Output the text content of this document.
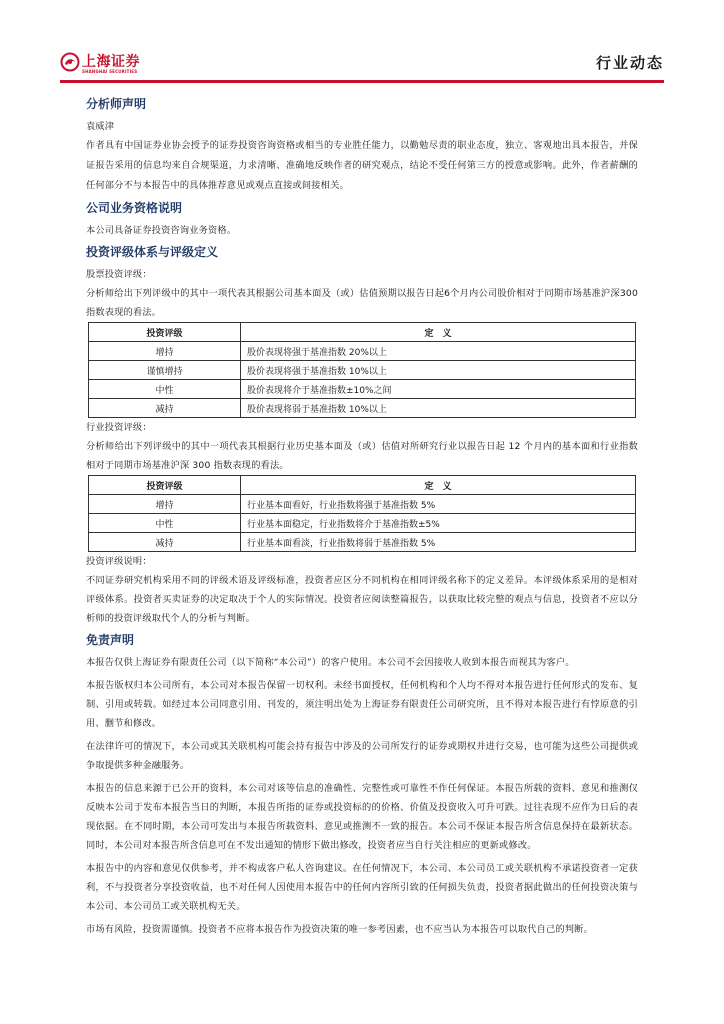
上海证券
SHANGHAI SECURITIES	行业动态
分析师声明
袁威津
作者具有中国证券业协会授予的证券投资咨询资格或相当的专业胜任能力，以勤勉尽责的职业态度，独立、客观地出具本报告，并保证报告采用的信息均来自合规渠道，力求清晰、准确地反映作者的研究观点，结论不受任何第三方的授意或影响。此外，作者薪酬的任何部分不与本报告中的具体推荐意见或观点直接或间接相关。
公司业务资格说明
本公司具备证券投资咨询业务资格。
投资评级体系与评级定义
股票投资评级：
分析师给出下列评级中的其中一项代表其根据公司基本面及（或）估值预期以报告日起6个月内公司股价相对于同期市场基准沪深300指数表现的看法。
投资评级	定　义
增持	股价表现将强于基准指数 20%以上
谨慎增持	股价表现将强于基准指数 10%以上
中性	股价表现将介于基准指数±10%之间
减持	股价表现将弱于基准指数 10%以上
行业投资评级：
分析师给出下列评级中的其中一项代表其根据行业历史基本面及（或）估值对所研究行业以报告日起 12 个月内的基本面和行业指数相对于同期市场基准沪深 300 指数表现的看法。
投资评级	定　义
增持	行业基本面看好，行业指数将强于基准指数 5%
中性	行业基本面稳定，行业指数将介于基准指数±5%
减持	行业基本面看淡，行业指数将弱于基准指数 5%
投资评级说明：
不同证券研究机构采用不同的评级术语及评级标准，投资者应区分不同机构在相同评级名称下的定义差异。本评级体系采用的是相对评级体系。投资者买卖证券的决定取决于个人的实际情况。投资者应阅读整篇报告，以获取比较完整的观点与信息，投资者不应以分析师的投资评级取代个人的分析与判断。
免责声明
本报告仅供上海证券有限责任公司（以下简称“本公司”）的客户使用。本公司不会因接收人收到本报告而视其为客户。
本报告版权归本公司所有，本公司对本报告保留一切权利。未经书面授权，任何机构和个人均不得对本报告进行任何形式的发布、复制、引用或转载。如经过本公司同意引用、刊发的，须注明出处为上海证券有限责任公司研究所，且不得对本报告进行有悖原意的引用、删节和修改。
在法律许可的情况下，本公司或其关联机构可能会持有报告中涉及的公司所发行的证券或期权并进行交易，也可能为这些公司提供或争取提供多种金融服务。
本报告的信息来源于已公开的资料，本公司对该等信息的准确性、完整性或可靠性不作任何保证。本报告所载的资料、意见和推测仅反映本公司于发布本报告当日的判断，本报告所指的证券或投资标的的价格、价值及投资收入可升可跌。过往表现不应作为日后的表现依据。在不同时期，本公司可发出与本报告所载资料、意见或推测不一致的报告。本公司不保证本报告所含信息保持在最新状态。同时，本公司对本报告所含信息可在不发出通知的情形下做出修改，投资者应当自行关注相应的更新或修改。
本报告中的内容和意见仅供参考，并不构成客户私人咨询建议。在任何情况下，本公司、本公司员工或关联机构不承诺投资者一定获利，不与投资者分享投资收益，也不对任何人因使用本报告中的任何内容所引致的任何损失负责，投资者据此做出的任何投资决策与本公司、本公司员工或关联机构无关。
市场有风险，投资需谨慎。投资者不应将本报告作为投资决策的唯一参考因素，也不应当认为本报告可以取代自己的判断。
